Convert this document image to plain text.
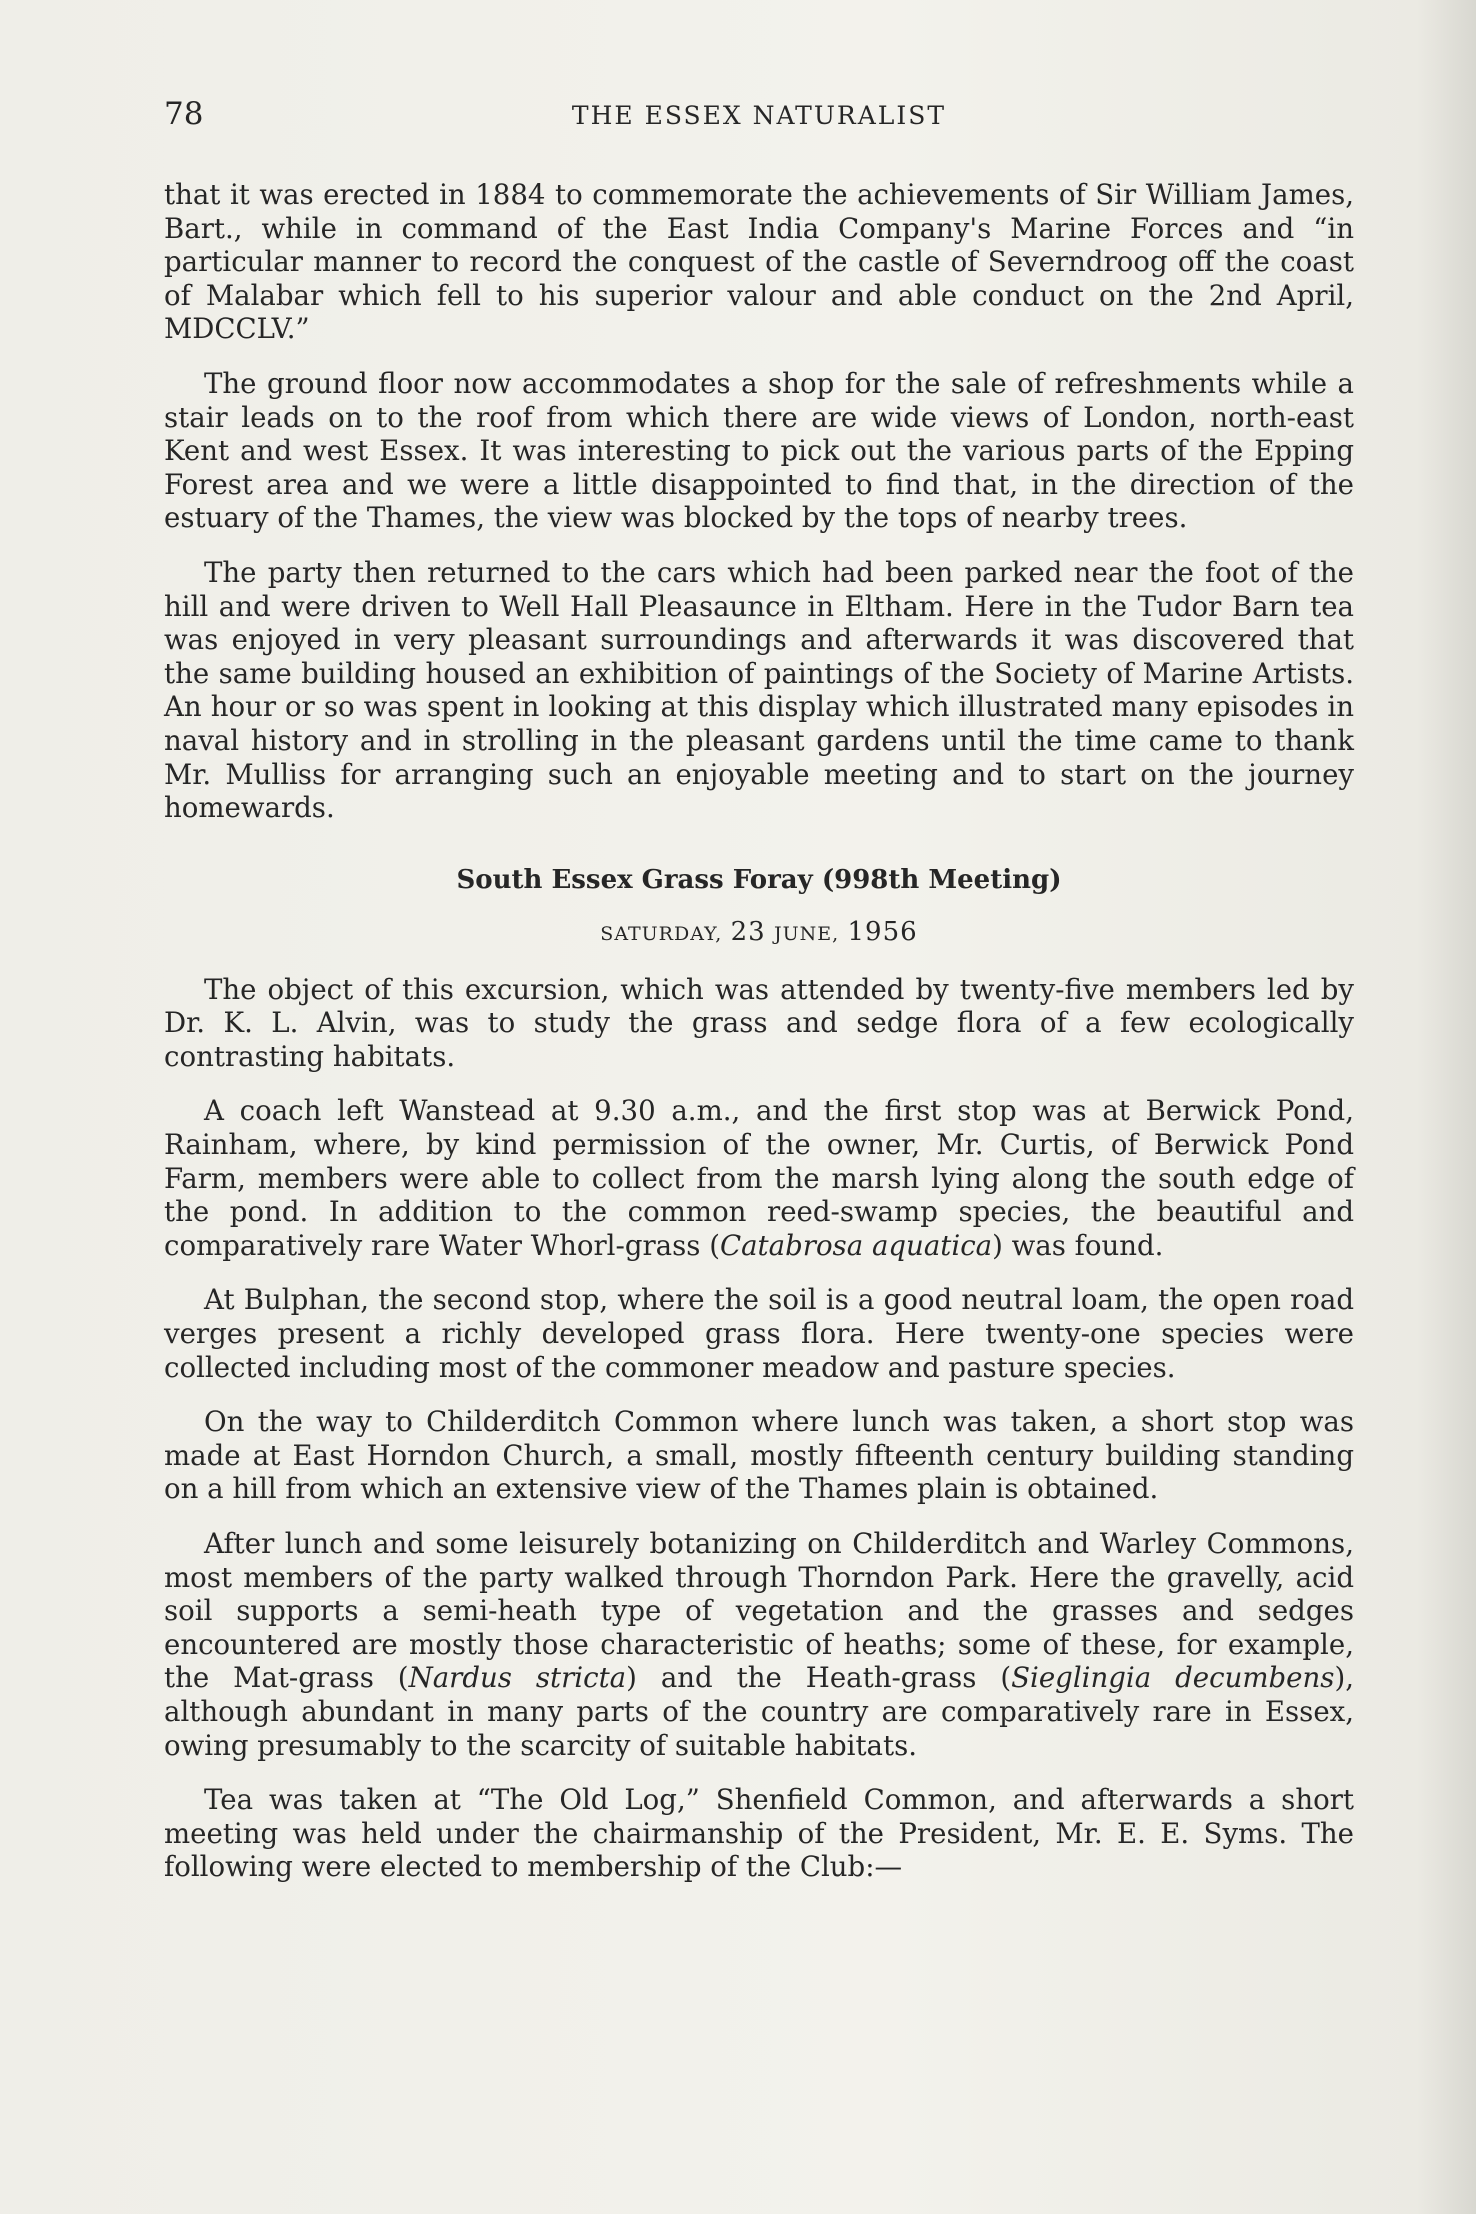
78	THE ESSEX NATURALIST

that it was erected in 1884 to commemorate the achievements of Sir William James, Bart., while in command of the East India Company's Marine Forces and “in particular manner to record the conquest of the castle of Severndroog off the coast of Malabar which fell to his superior valour and able conduct on the 2nd April, MDCCLV.”

The ground floor now accommodates a shop for the sale of refreshments while a stair leads on to the roof from which there are wide views of London, north-east Kent and west Essex. It was interesting to pick out the various parts of the Epping Forest area and we were a little disappointed to find that, in the direction of the estuary of the Thames, the view was blocked by the tops of nearby trees.

The party then returned to the cars which had been parked near the foot of the hill and were driven to Well Hall Pleasaunce in Eltham. Here in the Tudor Barn tea was enjoyed in very pleasant surroundings and afterwards it was discovered that the same building housed an exhibition of paintings of the Society of Marine Artists. An hour or so was spent in looking at this display which illustrated many episodes in naval history and in strolling in the pleasant gardens until the time came to thank Mr. Mulliss for arranging such an enjoyable meeting and to start on the journey homewards.

South Essex Grass Foray (998th Meeting)
SATURDAY, 23 JUNE, 1956

The object of this excursion, which was attended by twenty-five members led by Dr. K. L. Alvin, was to study the grass and sedge flora of a few ecologically contrasting habitats.

A coach left Wanstead at 9.30 a.m., and the first stop was at Berwick Pond, Rainham, where, by kind permission of the owner, Mr. Curtis, of Berwick Pond Farm, members were able to collect from the marsh lying along the south edge of the pond. In addition to the common reed-swamp species, the beautiful and comparatively rare Water Whorl-grass (Catabrosa aquatica) was found.

At Bulphan, the second stop, where the soil is a good neutral loam, the open road verges present a richly developed grass flora. Here twenty-one species were collected including most of the commoner meadow and pasture species.

On the way to Childerditch Common where lunch was taken, a short stop was made at East Horndon Church, a small, mostly fifteenth century building standing on a hill from which an extensive view of the Thames plain is obtained.

After lunch and some leisurely botanizing on Childerditch and Warley Commons, most members of the party walked through Thorndon Park. Here the gravelly, acid soil supports a semi-heath type of vegetation and the grasses and sedges encountered are mostly those characteristic of heaths; some of these, for example, the Mat-grass (Nardus stricta) and the Heath-grass (Sieglingia decumbens), although abundant in many parts of the country are comparatively rare in Essex, owing presumably to the scarcity of suitable habitats.

Tea was taken at “The Old Log,” Shenfield Common, and afterwards a short meeting was held under the chairmanship of the President, Mr. E. E. Syms. The following were elected to membership of the Club:—
